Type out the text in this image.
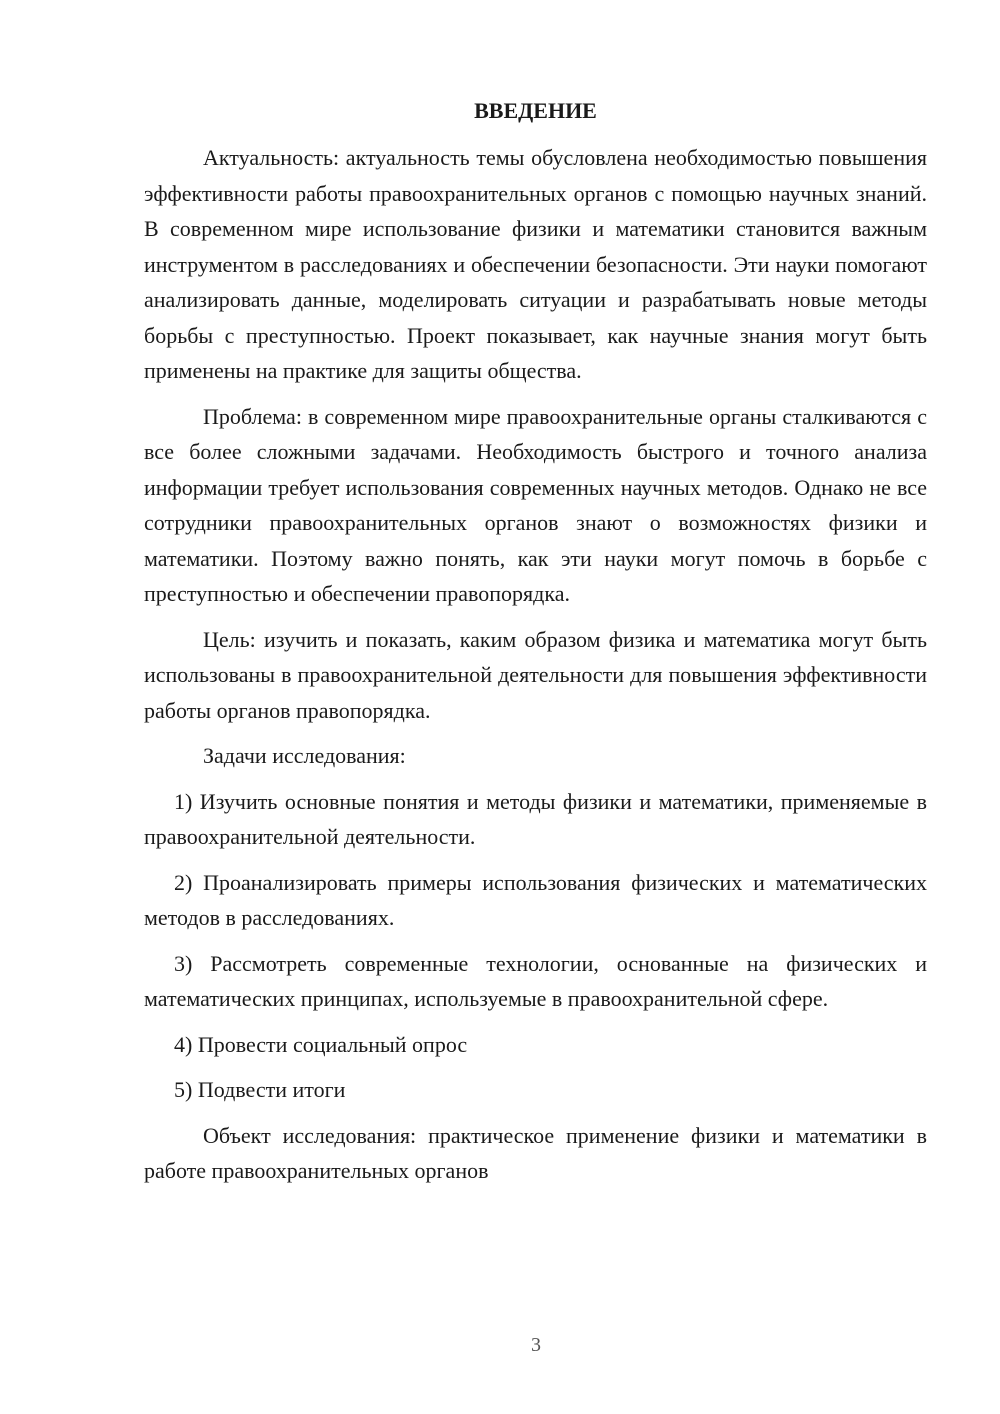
ВВЕДЕНИЕ

Актуальность: актуальность темы обусловлена необходимостью повышения эффективности работы правоохранительных органов с помощью научных знаний. В современном мире использование физики и математики становится важным инструментом в расследованиях и обеспечении безопасности. Эти науки помогают анализировать данные, моделировать ситуации и разрабатывать новые методы борьбы с преступностью. Проект показывает, как научные знания могут быть применены на практике для защиты общества.

Проблема: в современном мире правоохранительные органы сталкиваются с все более сложными задачами. Необходимость быстрого и точного анализа информации требует использования современных научных методов. Однако не все сотрудники правоохранительных органов знают о возможностях физики и математики. Поэтому важно понять, как эти науки могут помочь в борьбе с преступностью и обеспечении правопорядка.

Цель: изучить и показать, каким образом физика и математика могут быть использованы в правоохранительной деятельности для повышения эффективности работы органов правопорядка.

Задачи исследования:

1) Изучить основные понятия и методы физики и математики, применяемые в правоохранительной деятельности.

2) Проанализировать примеры использования физических и математических методов в расследованиях.

3) Рассмотреть современные технологии, основанные на физических и математических принципах, используемые в правоохранительной сфере.

4) Провести социальный опрос

5) Подвести итоги

Объект исследования: практическое применение физики и математики в работе правоохранительных органов

3
